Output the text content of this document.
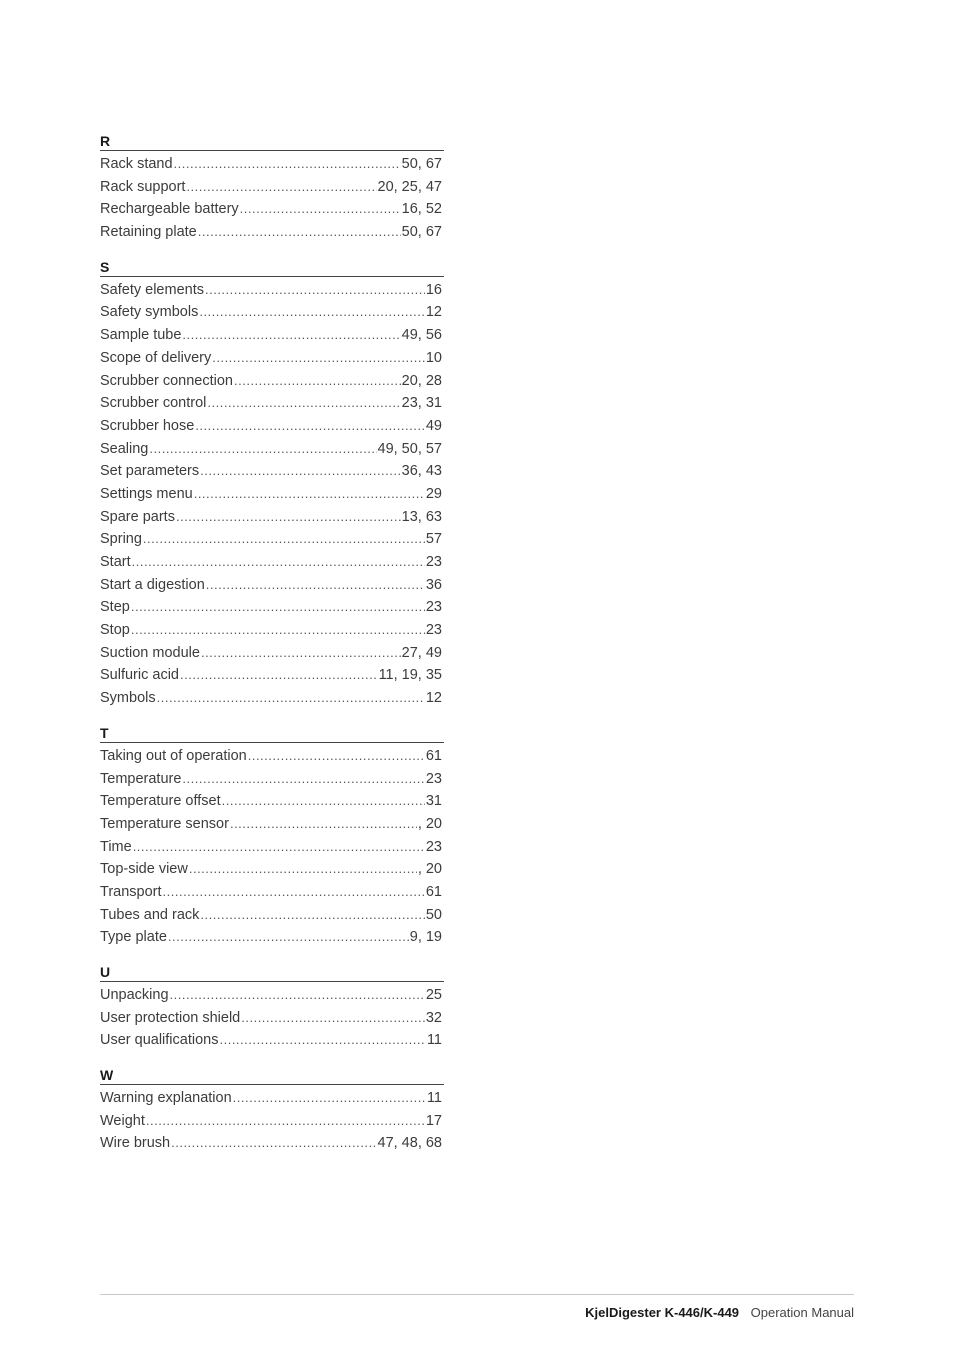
R
Rack stand .....	50, 67
Rack support .....	20, 25, 47
Rechargeable battery .....	16, 52
Retaining plate .....	50, 67
S
Safety elements .....	16
Safety symbols .....	12
Sample tube .....	49, 56
Scope of delivery .....	10
Scrubber connection .....	20, 28
Scrubber control .....	23, 31
Scrubber hose .....	49
Sealing .....	49, 50, 57
Set parameters .....	36, 43
Settings menu .....	29
Spare parts .....	13, 63
Spring .....	57
Start .....	23
Start a digestion .....	36
Step .....	23
Stop .....	23
Suction module .....	27, 49
Sulfuric acid .....	11, 19, 35
Symbols .....	12
T
Taking out of operation .....	61
Temperature .....	23
Temperature offset .....	31
Temperature sensor .....	, 20
Time .....	23
Top-side view .....	, 20
Transport .....	61
Tubes and rack .....	50
Type plate .....	9, 19
U
Unpacking .....	25
User protection shield .....	32
User qualifications .....	11
W
Warning explanation .....	11
Weight .....	17
Wire brush .....	47, 48, 68
KjelDigester K-446/K-449 Operation Manual
